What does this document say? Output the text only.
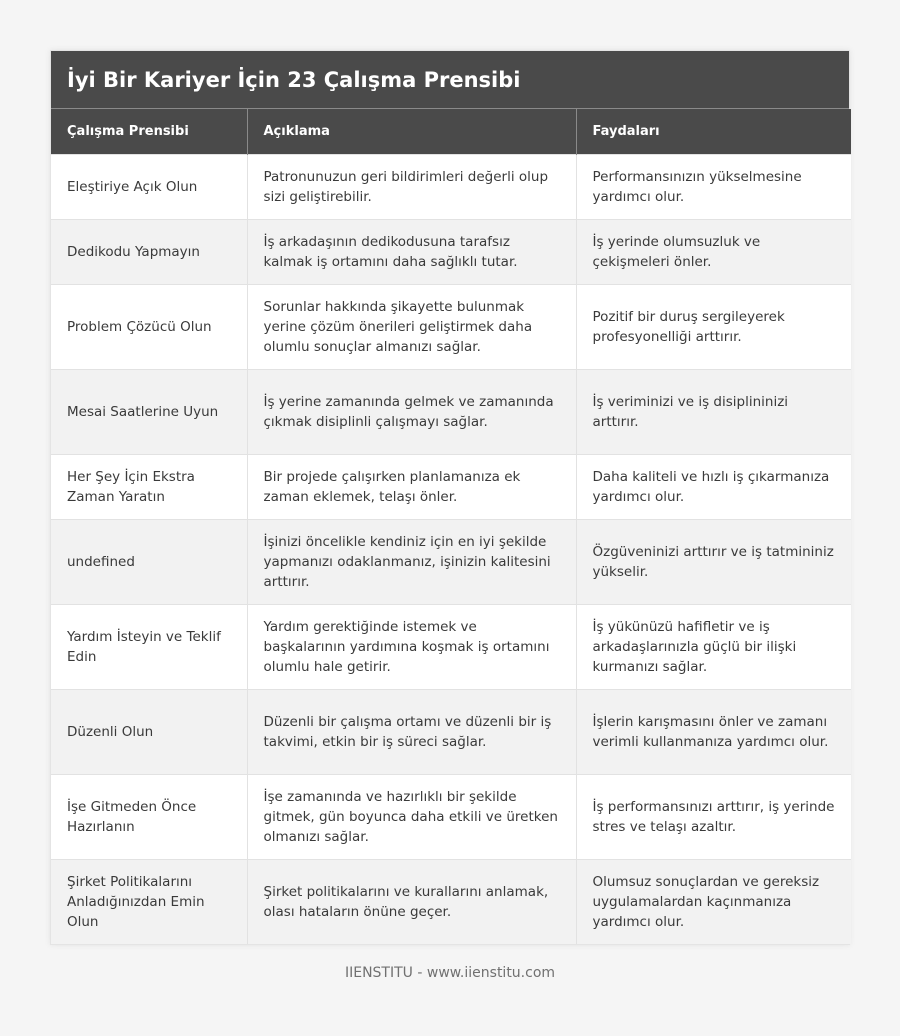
İyi Bir Kariyer İçin 23 Çalışma Prensibi
Çalışma Prensibi	Açıklama	Faydaları
Eleştiriye Açık Olun	Patronunuzun geri bildirimleri değerli olup sizi geliştirebilir.	Performansınızın yükselmesine yardımcı olur.
Dedikodu Yapmayın	İş arkadaşının dedikodusuna tarafsız kalmak iş ortamını daha sağlıklı tutar.	İş yerinde olumsuzluk ve çekişmeleri önler.
Problem Çözücü Olun	Sorunlar hakkında şikayette bulunmak yerine çözüm önerileri geliştirmek daha olumlu sonuçlar almanızı sağlar.	Pozitif bir duruş sergileyerek profesyonelliği arttırır.
Mesai Saatlerine Uyun	İş yerine zamanında gelmek ve zamanında çıkmak disiplinli çalışmayı sağlar.	İş veriminizi ve iş disiplininizi arttırır.
Her Şey İçin Ekstra Zaman Yaratın	Bir projede çalışırken planlamanıza ek zaman eklemek, telaşı önler.	Daha kaliteli ve hızlı iş çıkarmanıza yardımcı olur.
undefined	İşinizi öncelikle kendiniz için en iyi şekilde yapmanızı odaklanmanız, işinizin kalitesini arttırır.	Özgüveninizi arttırır ve iş tatmininiz yükselir.
Yardım İsteyin ve Teklif Edin	Yardım gerektiğinde istemek ve başkalarının yardımına koşmak iş ortamını olumlu hale getirir.	İş yükünüzü hafifletir ve iş arkadaşlarınızla güçlü bir ilişki kurmanızı sağlar.
Düzenli Olun	Düzenli bir çalışma ortamı ve düzenli bir iş takvimi, etkin bir iş süreci sağlar.	İşlerin karışmasını önler ve zamanı verimli kullanmanıza yardımcı olur.
İşe Gitmeden Önce Hazırlanın	İşe zamanında ve hazırlıklı bir şekilde gitmek, gün boyunca daha etkili ve üretken olmanızı sağlar.	İş performansınızı arttırır, iş yerinde stres ve telaşı azaltır.
Şirket Politikalarını Anladığınızdan Emin Olun	Şirket politikalarını ve kurallarını anlamak, olası hataların önüne geçer.	Olumsuz sonuçlardan ve gereksiz uygulamalardan kaçınmanıza yardımcı olur.
IIENSTITU - www.iienstitu.com
